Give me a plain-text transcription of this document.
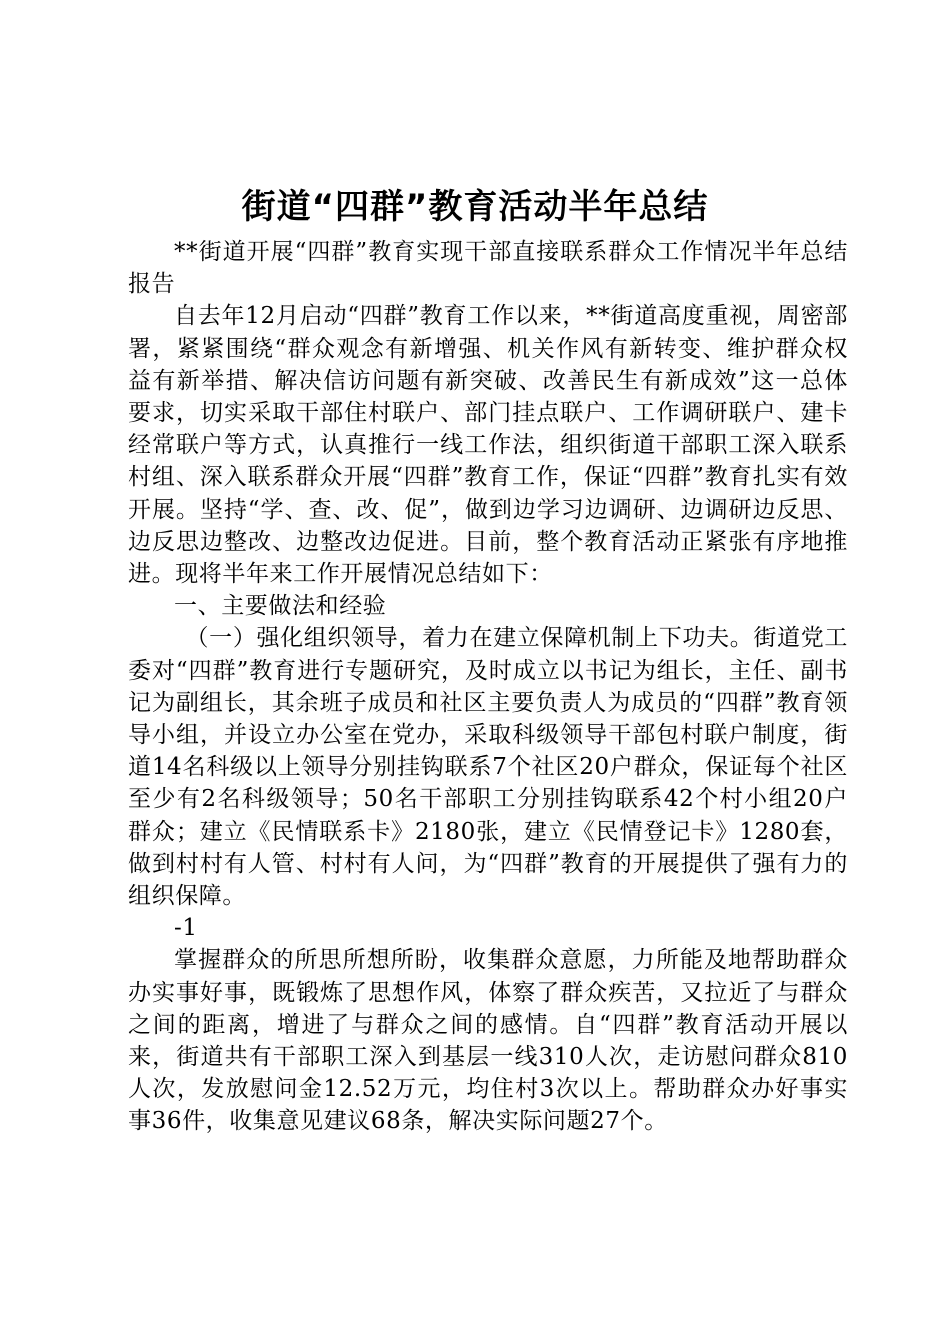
街道“四群”教育活动半年总结

**街道开展“四群”教育实现干部直接联系群众工作情况半年总结报告

自去年12月启动“四群”教育工作以来，**街道高度重视，周密部署，紧紧围绕“群众观念有新增强、机关作风有新转变、维护群众权益有新举措、解决信访问题有新突破、改善民生有新成效”这一总体要求，切实采取干部住村联户、部门挂点联户、工作调研联户、建卡经常联户等方式，认真推行一线工作法，组织街道干部职工深入联系村组、深入联系群众开展“四群”教育工作，保证“四群”教育扎实有效开展。坚持“学、查、改、促”，做到边学习边调研、边调研边反思、边反思边整改、边整改边促进。目前，整个教育活动正紧张有序地推进。现将半年来工作开展情况总结如下：

一、主要做法和经验

（一）强化组织领导，着力在建立保障机制上下功夫。街道党工委对“四群”教育进行专题研究，及时成立以书记为组长，主任、副书记为副组长，其余班子成员和社区主要负责人为成员的“四群”教育领导小组，并设立办公室在党办，采取科级领导干部包村联户制度，街道14名科级以上领导分别挂钩联系7个社区20户群众，保证每个社区至少有2名科级领导；50名干部职工分别挂钩联系42个村小组20户群众；建立《民情联系卡》2180张，建立《民情登记卡》1280套，做到村村有人管、村村有人问，为“四群”教育的开展提供了强有力的组织保障。

-1

掌握群众的所思所想所盼，收集群众意愿，力所能及地帮助群众办实事好事，既锻炼了思想作风，体察了群众疾苦，又拉近了与群众之间的距离，增进了与群众之间的感情。自“四群”教育活动开展以来，街道共有干部职工深入到基层一线310人次，走访慰问群众810人次，发放慰问金12.52万元，均住村3次以上。帮助群众办好事实事36件，收集意见建议68条，解决实际问题27个。
